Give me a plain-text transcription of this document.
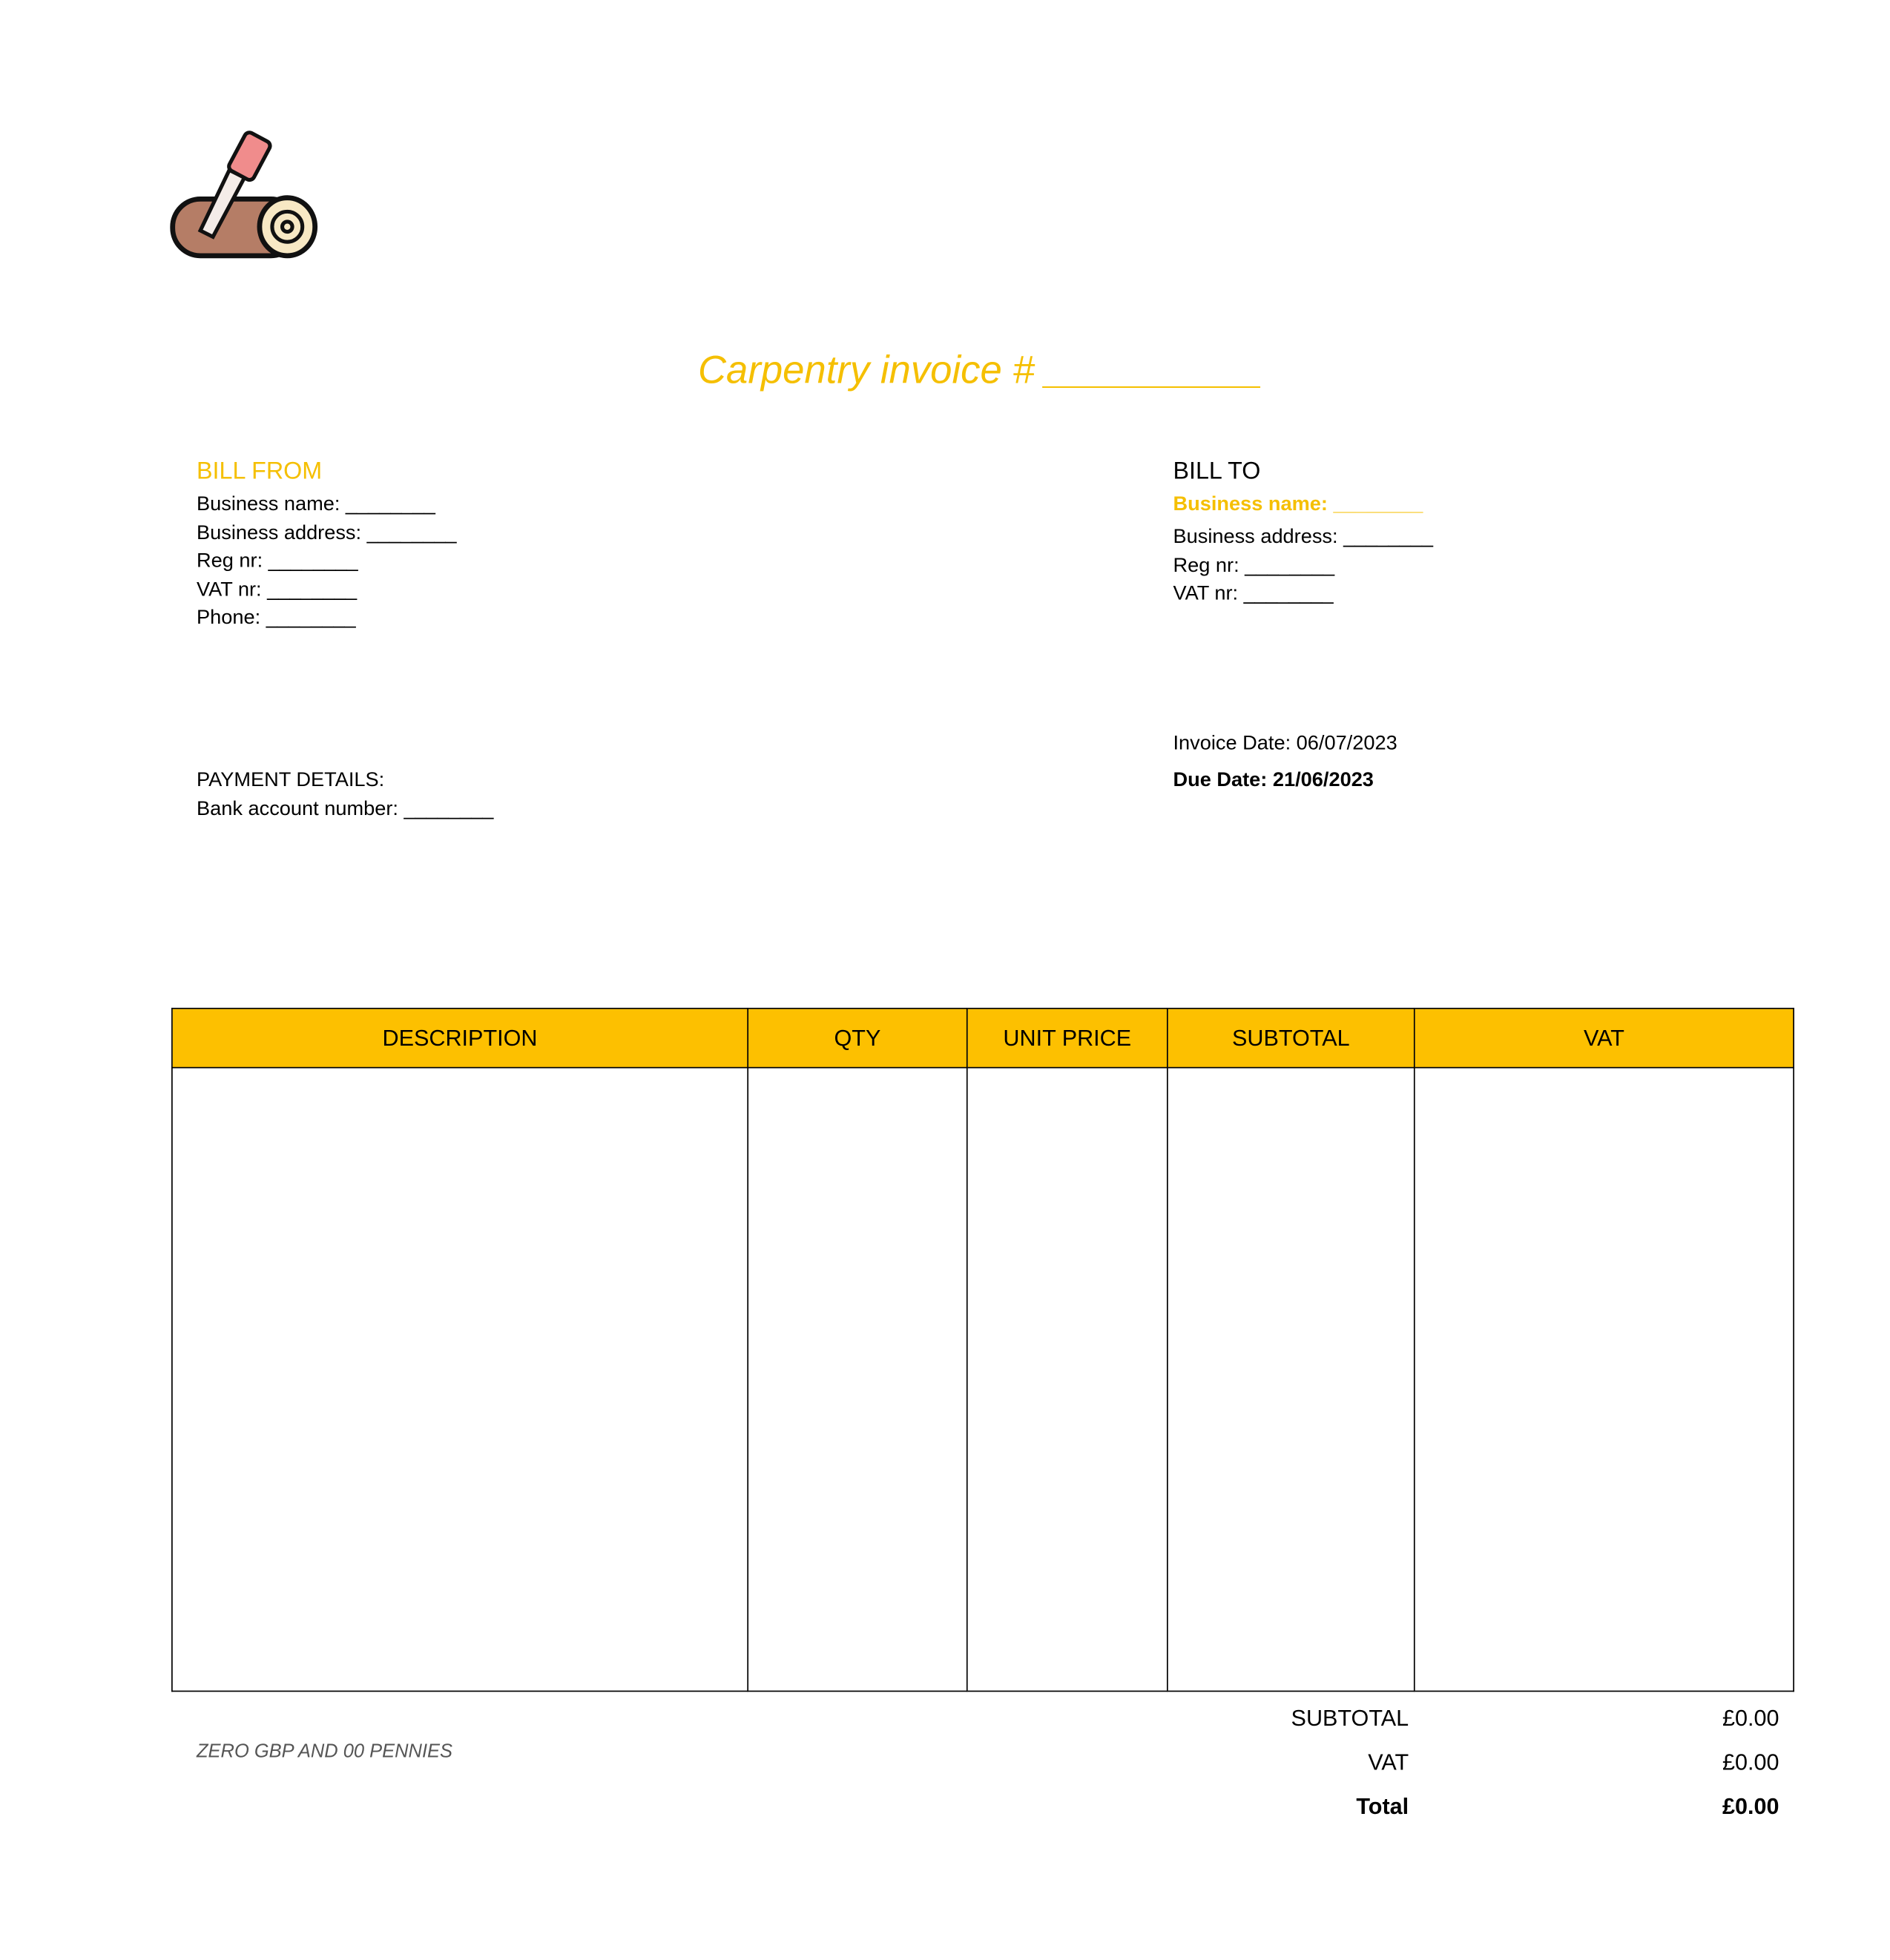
Carpentry invoice # __________
BILL FROM
Business name: ________
Business address: ________
Reg nr: ________
VAT nr: ________
Phone: ________
BILL TO
Business name: ________
Business address: ________
Reg nr: ________
VAT nr: ________
Invoice Date: 06/07/2023
Due Date: 21/06/2023
PAYMENT DETAILS:
Bank account number: ________
DESCRIPTION	QTY	UNIT PRICE	SUBTOTAL	VAT

ZERO GBP AND 00 PENNIES
SUBTOTAL	£0.00
VAT	£0.00
Total	£0.00
